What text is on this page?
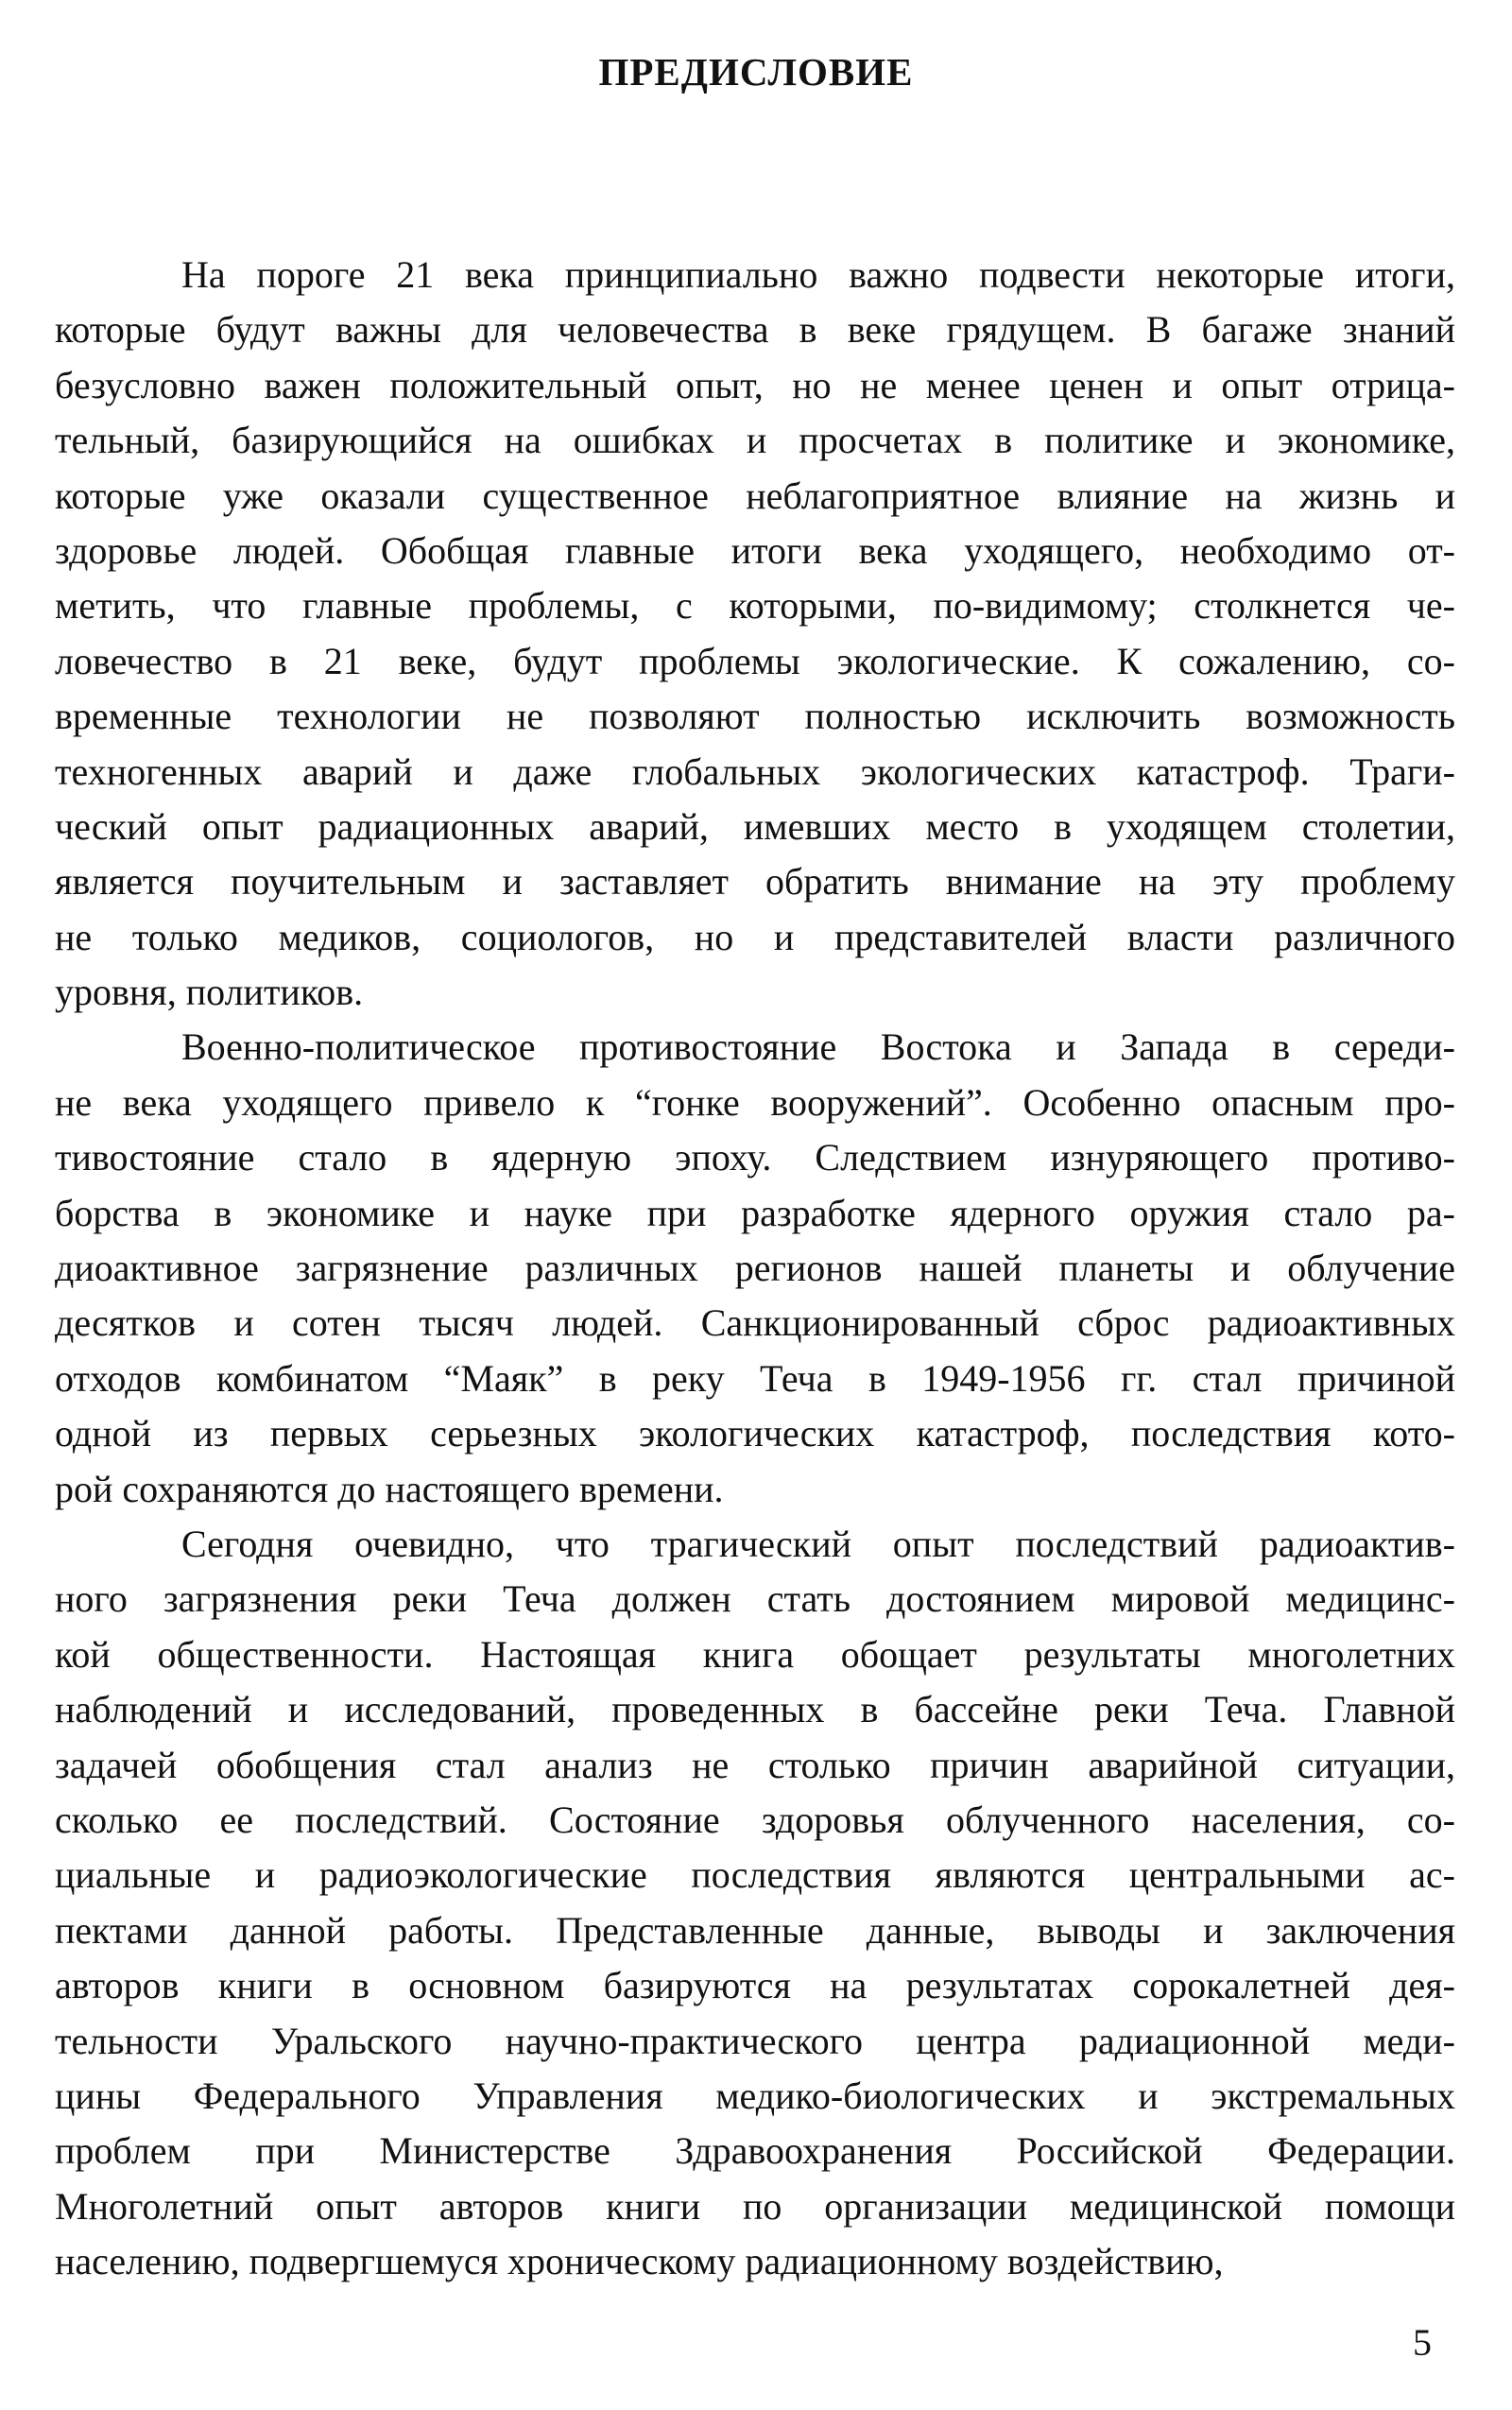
ПРЕДИСЛОВИЕ
На пороге 21 века принципиально важно подвести некоторые итоги,
которые будут важны для человечества в веке грядущем. В багаже знаний
безусловно важен положительный опыт, но не менее ценен и опыт отрица-
тельный, базирующийся на ошибках и просчетах в политике и экономике,
которые уже оказали существенное неблагоприятное влияние на жизнь и
здоровье людей. Обобщая главные итоги века уходящего, необходимо от-
метить, что главные проблемы, с которыми, по-видимому; столкнется че-
ловечество в 21 веке, будут проблемы экологические. К сожалению, со-
временные технологии не позволяют полностью исключить возможность
техногенных аварий и даже глобальных экологических катастроф. Траги-
ческий опыт радиационных аварий, имевших место в уходящем столетии,
является поучительным и заставляет обратить внимание на эту проблему
не только медиков, социологов, но и представителей власти различного
уровня, политиков.
Военно-политическое противостояние Востока и Запада в середи-
не века уходящего привело к “гонке вооружений”. Особенно опасным про-
тивостояние стало в ядерную эпоху. Следствием изнуряющего противо-
борства в экономике и науке при разработке ядерного оружия стало ра-
диоактивное загрязнение различных регионов нашей планеты и облучение
десятков и сотен тысяч людей. Санкционированный сброс радиоактивных
отходов комбинатом “Маяк” в реку Теча в 1949-1956 гг. стал причиной
одной из первых серьезных экологических катастроф, последствия кото-
рой сохраняются до настоящего времени.
Сегодня очевидно, что трагический опыт последствий радиоактив-
ного загрязнения реки Теча должен стать достоянием мировой медицинс-
кой общественности. Настоящая книга обощает результаты многолетних
наблюдений и исследований, проведенных в бассейне реки Теча. Главной
задачей обобщения стал анализ не столько причин аварийной ситуации,
сколько ее последствий. Состояние здоровья облученного населения, со-
циальные и радиоэкологические последствия являются центральными ас-
пектами данной работы. Представленные данные, выводы и заключения
авторов книги в основном базируются на результатах сорокалетней дея-
тельности Уральского научно-практического центра радиационной меди-
цины Федерального Управления медико-биологических и экстремальных
проблем при Министерстве Здравоохранения Российской Федерации.
Многолетний опыт авторов книги по организации медицинской помощи
населению, подвергшемуся хроническому радиационному воздействию,
5
